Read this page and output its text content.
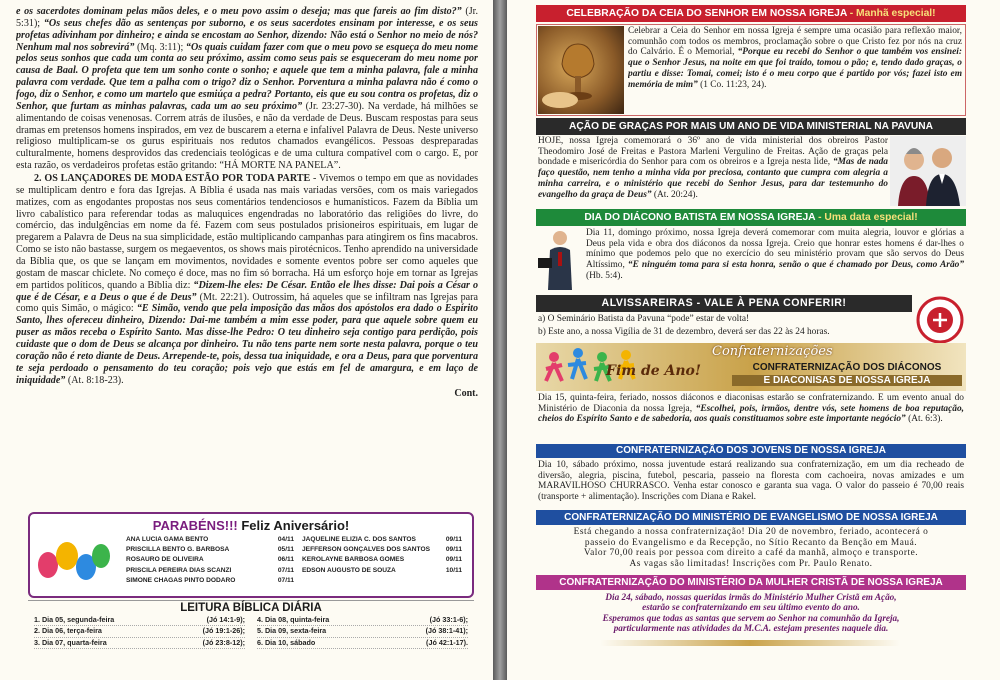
e os sacerdotes dominam pelas mãos deles, e o meu povo assim o deseja; mas que fareis ao fim disto?” (Jr. 5:31); “Os seus chefes dão as sentenças por suborno, e os seus sacerdotes ensinam por interesse, e os seus profetas adivinham por dinheiro; e ainda se encostam ao Senhor, dizendo: Não está o Senhor no meio de nós? Nenhum mal nos sobrevirá” (Mq. 3:11); “Os quais cuidam fazer com que o meu povo se esqueça do meu nome pelos seus sonhos que cada um conta ao seu próximo, assim como seus pais se esqueceram do meu nome por causa de Baal. O profeta que tem um sonho conte o sonho; e aquele que tem a minha palavra, fale a minha palavra com verdade. Que tem a palha com o trigo? diz o Senhor. Porventura a minha palavra não é como o fogo, diz o Senhor, e como um martelo que esmiúça a pedra? Portanto, eis que eu sou contra os profetas, diz o Senhor, que furtam as minhas palavras, cada um ao seu próximo” (Jr. 23:27-30). Na verdade, há milhões se alimentando de coisas venenosas. Correm atrás de ilusões, e não da verdade de Deus. Buscam respostas para seus dramas em pretensos homens inspirados, em vez de buscarem a eterna e infalível Palavra de Deus. Neste universo religioso multiplicam-se os gurus espirituais nos redutos chamados evangélicos. Pessoas despreparadas culturalmente, homens desprovidos das credenciais teológicas e de uma cultura compatível com o cargo. E, por esta razão, os verdadeiros profetas estão gritando: “HÁ MORTE NA PANELA”.

2. OS LANÇADORES DE MODA ESTÃO POR TODA PARTE - Vivemos o tempo em que as novidades se multiplicam dentro e fora das Igrejas. A Bíblia é usada nas mais variadas versões, com os mais variegados matizes, com as engodantes propostas nos seus comentários tendenciosos e humanísticos. Fazem da Bíblia um livro cabalístico para referendar todas as maluquices engendradas no laboratório das religiões do livre, do comércio, das indulgências em nome da fé. Fazem com seus postulados prisioneiros espirituais, em lugar de pregarem a Palavra de Deus na sua simplicidade, estão multiplicando campanhas para atingirem os fins macabros. Como se isto não bastasse, surgem os megaeventos, os shows mais pirotécnicos. Tenho aprendido na universidade da Bíblia que, os que se lançam em movimentos, novidades e somente eventos pobre ser como aqueles que gostam de mascar chiclete. No começo é doce, mas no fim só borracha. Há um esforço hoje em tornar as Igrejas em partidos políticos, quando a Bíblia diz: “Dizem-lhe eles: De César. Então ele lhes disse: Dai pois a César o que é de César, e a Deus o que é de Deus” (Mt. 22:21). Outrossim, há aqueles que se infiltram nas Igrejas para como quis Simão, o mágico: “E Simão, vendo que pela imposição das mãos dos apóstolos era dado o Espírito Santo, lhes ofereceu dinheiro, Dizendo: Dai-me também a mim esse poder, para que aquele sobre quem eu puser as mãos receba o Espírito Santo. Mas disse-lhe Pedro: O teu dinheiro seja contigo para perdição, pois cuidaste que o dom de Deus se alcança por dinheiro. Tu não tens parte nem sorte nesta palavra, porque o teu coração não é reto diante de Deus. Arrepende-te, pois, dessa tua iniquidade, e ora a Deus, para que porventura te seja perdoado o pensamento do teu coração; pois vejo que estás em fel de amargura, e em laço de iniquidade” (At. 8:18-23).

Cont.
PARABÉNS!!! Feliz Aniversário!
ANA LUCIA GAMA BENTO	04/11
PRISCILLA BENTO G. BARBOSA	05/11
ROSAURO DE OLIVEIRA	06/11
PRISCILA PEREIRA DIAS SCANZI	07/11
SIMONE CHAGAS PINTO DODARO	07/11
JAQUELINE ELIZIA C. DOS SANTOS	09/11
JEFFERSON GONÇALVES DOS SANTOS 09/11
KEROLAYNE BARBOSA GOMES	09/11
EDSON AUGUSTO DE SOUZA	10/11
LEITURA BÍBLICA DIÁRIA
1. Dia 05, segunda-feira	(Jó 14:1-9);
2. Dia 06, terça-feira	(Jó 19:1-26);
3. Dia 07, quarta-feira	(Jó 23:8-12);
4. Dia 08, quinta-feira	(Jó 33:1-6);
5. Dia 09, sexta-feira	(Jó 38:1-41);
6. Dia 10, sábado	(Jó 42:1-17).
CELEBRAÇÃO DA CEIA DO SENHOR EM NOSSA IGREJA - Manhã especial!
Celebrar a Ceia do Senhor em nossa Igreja é sempre uma ocasião para reflexão maior, comunhão com todos os membros, proclamação sobre o que Cristo fez por nós na cruz do Calvário. É o Memorial, “Porque eu recebi do Senhor o que também vos ensinei: que o Senhor Jesus, na noite em que foi traído, tomou o pão; e, tendo dado graças, o partiu e disse: Tomai, comei; isto é o meu corpo que é partido por vós; fazei isto em memória de mim” (1 Co. 11:23, 24).
AÇÃO DE GRAÇAS POR MAIS UM ANO DE VIDA MINISTERIAL NA PAVUNA
HOJE, nossa Igreja comemorará o 36º ano de vida ministerial dos obreiros Pastor Theodomiro José de Freitas e Pastora Marleni Vergulino de Freitas. Ação de graças pela bondade e misericórdia do Senhor para com os obreiros e a Igreja nesta lide, “Mas de nada faço questão, nem tenho a minha vida por preciosa, contanto que cumpra com alegria a minha carreira, e o ministério que recebi do Senhor Jesus, para dar testemunho do evangelho da graça de Deus” (At. 20:24).
DIA DO DIÁCONO BATISTA EM NOSSA IGREJA - Uma data especial!
Dia 11, domingo próximo, nossa Igreja deverá comemorar com muita alegria, louvor e glórias a Deus pela vida e obra dos diáconos da nossa Igreja. Creio que honrar estes homens é dar-lhes o mínimo que podemos pelo que no exercício do seu ministério provam que são servos do Deus Altíssimo, “E ninguém toma para si esta honra, senão o que é chamado por Deus, como Arão” (Hb. 5:4).
ALVISSAREIRAS - VALE À PENA CONFERIR!
a) O Seminário Batista da Pavuna “pode” estar de volta!
b) Este ano, a nossa Vigília de 31 de dezembro, deverá ser das 22 às 24 horas.
Fim de Ano!
Confraternizações
CONFRATERNIZAÇÃO DOS DIÁCONOS
E DIACONISAS DE NOSSA IGREJA
Dia 15, quinta-feira, feriado, nossos diáconos e diaconisas estarão se confraternizando. É um evento anual do Ministério de Diaconia da nossa Igreja, “Escolhei, pois, irmãos, dentre vós, sete homens de boa reputação, cheios do Espírito Santo e de sabedoria, aos quais constituamos sobre este importante negócio” (At. 6:3).
CONFRATERNIZAÇÃO DOS JOVENS DE NOSSA IGREJA
Dia 10, sábado próximo, nossa juventude estará realizando sua confraternização, em um dia recheado de diversão, alegria, piscina, futebol, pescaria, passeio na floresta com cachoeira, novas amizades e um MARAVILHOSO CHURRASCO. Venha estar conosco e garanta sua vaga. O valor do passeio é 70,00 reais (transporte + alimentação). Inscrições com Diana e Rakel.
CONFRATERNIZAÇÃO DO MINISTÉRIO DE EVANGELISMO DE NOSSA IGREJA
Está chegando a nossa confraternização! Dia 20 de novembro, feriado, acontecerá o
passeio do Evangelismo e da Recepção, no Sítio Recanto da Benção em Mauá.
Valor 70,00 reais por pessoa com direito a café da manhã, almoço e transporte.
As vagas são limitadas! Inscrições com Pr. Paulo Renato.
CONFRATERNIZAÇÃO DO MINISTÉRIO DA MULHER CRISTÃ DE NOSSA IGREJA
Dia 24, sábado, nossas queridas irmãs do Ministério Mulher Cristã em Ação,
estarão se confraternizando em seu último evento do ano.
Esperamos que todas as santas que servem ao Senhor na comunhão da Igreja,
particularmente nas atividades da M.C.A. estejam presentes naquele dia.
